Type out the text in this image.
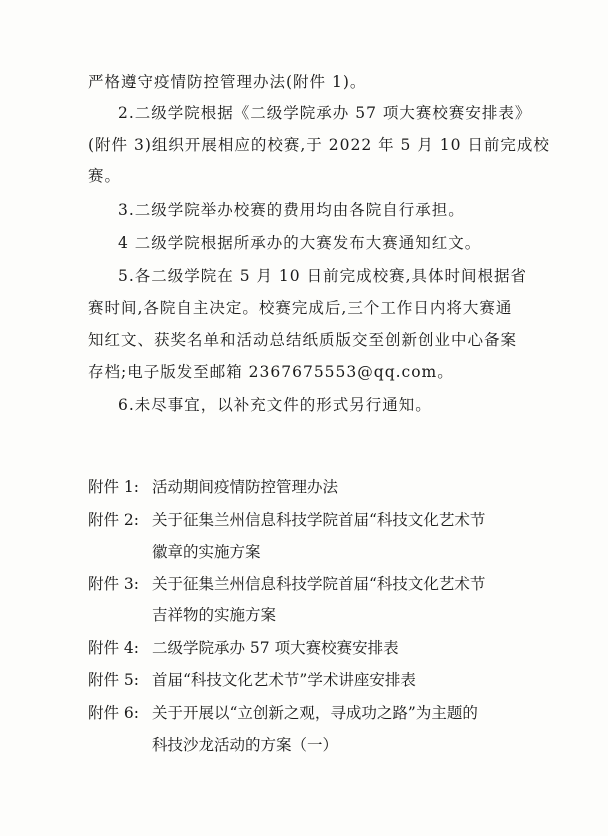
严格遵守疫情防控管理办法(附件 1)。

2.二级学院根据《二级学院承办 57 项大赛校赛安排表》

(附件 3)组织开展相应的校赛,于 2022 年 5 月 10 日前完成校

赛。

3.二级学院举办校赛的费用均由各院自行承担。

4 二级学院根据所承办的大赛发布大赛通知红文。

5.各二级学院在 5 月 10 日前完成校赛,具体时间根据省

赛时间,各院自主决定。校赛完成后,三个工作日内将大赛通

知红文、获奖名单和活动总结纸质版交至创新创业中心备案

存档;电子版发至邮箱 2367675553@qq.com。

6.未尽事宜，以补充文件的形式另行通知。

附件 1: 活动期间疫情防控管理办法

附件 2: 关于征集兰州信息科技学院首届“科技文化艺术节

徽章的实施方案

附件 3: 关于征集兰州信息科技学院首届“科技文化艺术节

吉祥物的实施方案

附件 4: 二级学院承办 57 项大赛校赛安排表

附件 5: 首届“科技文化艺术节”学术讲座安排表

附件 6: 关于开展以“立创新之观，寻成功之路”为主题的

科技沙龙活动的方案（一）
